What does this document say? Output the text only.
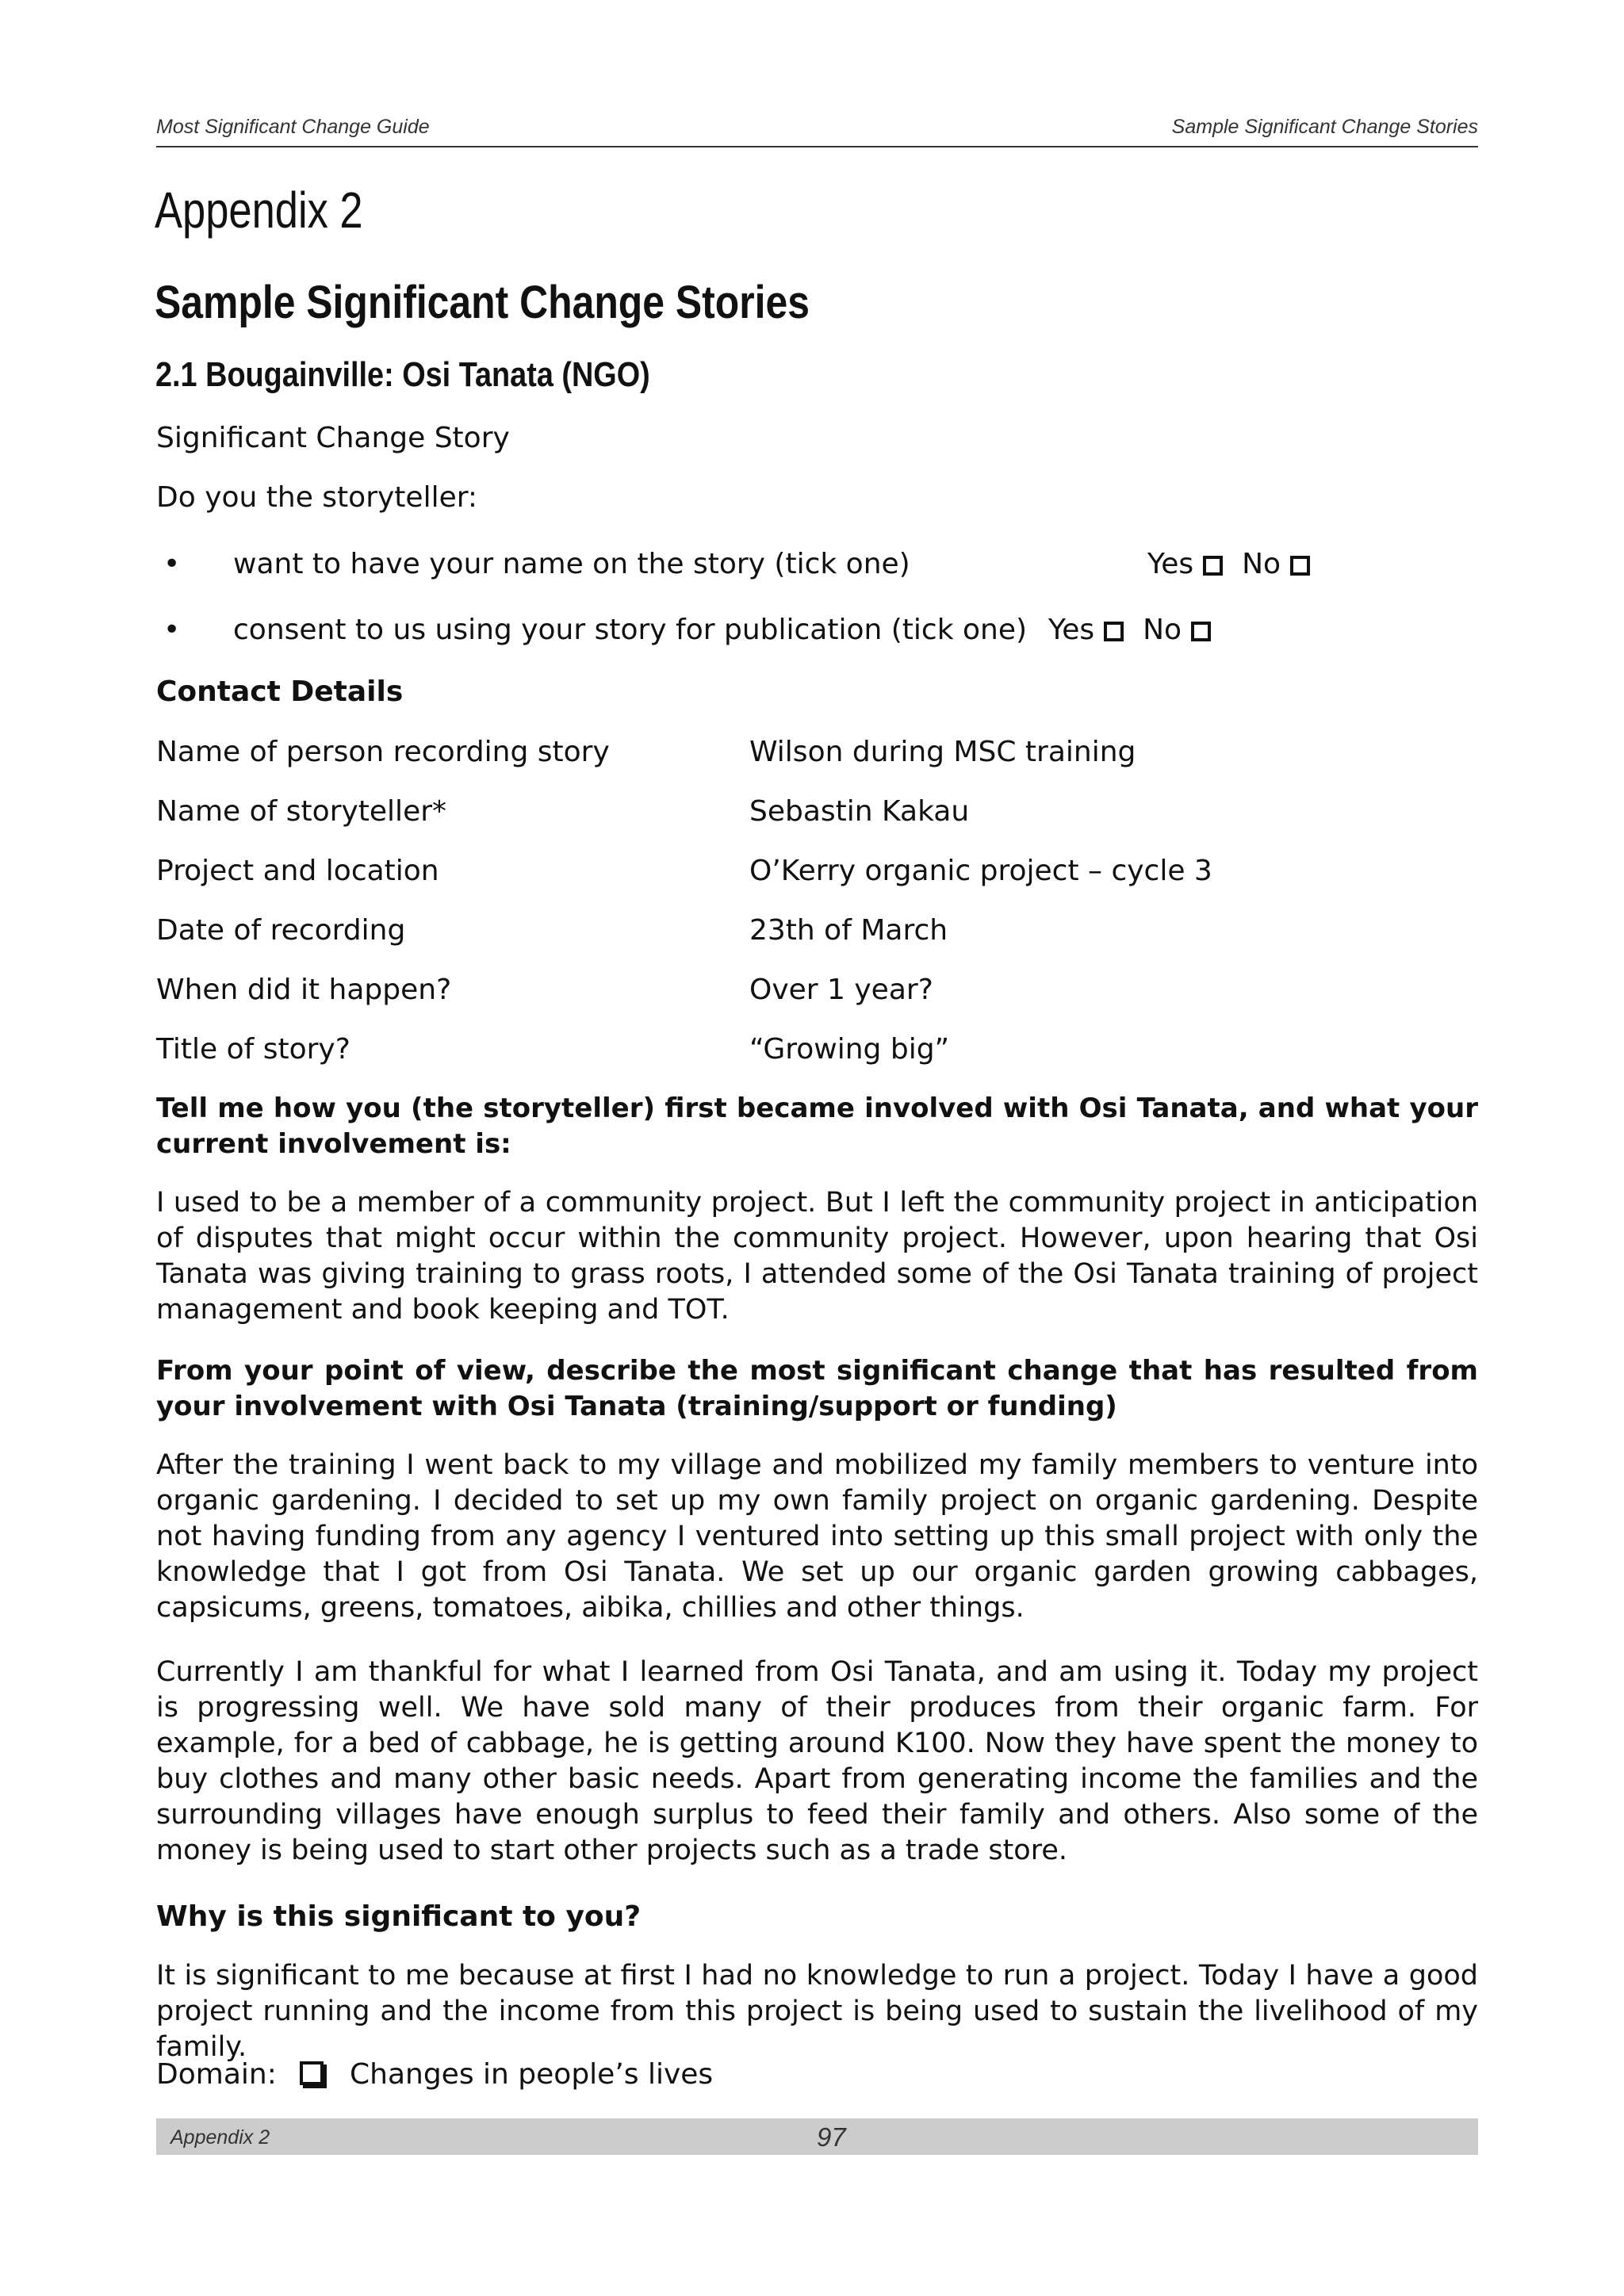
Most Significant Change Guide	Sample Significant Change Stories
Appendix 2
Sample Significant Change Stories
2.1 Bougainville: Osi Tanata (NGO)
Significant Change Story
Do you the storyteller:
• want to have your name on the story (tick one)	Yes No
• consent to us using your story for publication (tick one) Yes No
Contact Details
Name of person recording story	Wilson during MSC training
Name of storyteller*	Sebastin Kakau
Project and location	O’Kerry organic project – cycle 3
Date of recording	23th of March
When did it happen?	Over 1 year?
Title of story?	“Growing big”
Tell me how you (the storyteller) first became involved with Osi Tanata, and what your current involvement is:
I used to be a member of a community project. But I left the community project in anticipation of disputes that might occur within the community project. However, upon hearing that Osi Tanata was giving training to grass roots, I attended some of the Osi Tanata training of project management and book keeping and TOT.
From your point of view, describe the most significant change that has resulted from your involvement with Osi Tanata (training/support or funding)
After the training I went back to my village and mobilized my family members to venture into organic gardening. I decided to set up my own family project on organic gardening. Despite not having funding from any agency I ventured into setting up this small project with only the knowledge that I got from Osi Tanata. We set up our organic garden growing cabbages, capsicums, greens, tomatoes, aibika, chillies and other things.
Currently I am thankful for what I learned from Osi Tanata, and am using it. Today my project is progressing well. We have sold many of their produces from their organic farm. For example, for a bed of cabbage, he is getting around K100. Now they have spent the money to buy clothes and many other basic needs. Apart from generating income the families and the surrounding villages have enough surplus to feed their family and others. Also some of the money is being used to start other projects such as a trade store.
Why is this significant to you?
It is significant to me because at first I had no knowledge to run a project. Today I have a good project running and the income from this project is being used to sustain the livelihood of my family.
Domain:	Changes in people’s lives
Appendix 2	97
